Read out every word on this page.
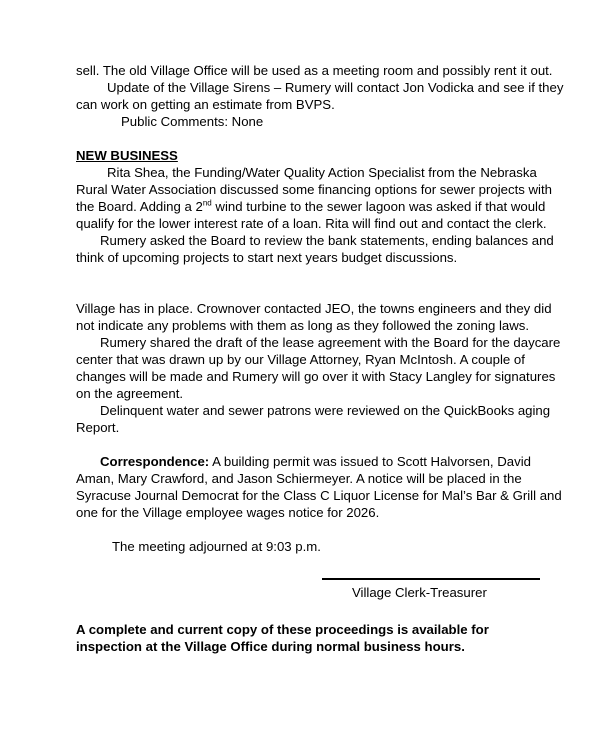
sell. The old Village Office will be used as a meeting room and possibly rent it out.

Update of the Village Sirens – Rumery will contact Jon Vodicka and see if they can work on getting an estimate from BVPS.

Public Comments: None

NEW BUSINESS

Rita Shea, the Funding/Water Quality Action Specialist from the Nebraska Rural Water Association discussed some financing options for sewer projects with the Board. Adding a 2nd wind turbine to the sewer lagoon was asked if that would qualify for the lower interest rate of a loan. Rita will find out and contact the clerk.

Rumery asked the Board to review the bank statements, ending balances and think of upcoming projects to start next years budget discussions.

Village has in place. Crownover contacted JEO, the towns engineers and they did not indicate any problems with them as long as they followed the zoning laws.

Rumery shared the draft of the lease agreement with the Board for the daycare center that was drawn up by our Village Attorney, Ryan McIntosh. A couple of changes will be made and Rumery will go over it with Stacy Langley for signatures on the agreement.

Delinquent water and sewer patrons were reviewed on the QuickBooks aging Report.

Correspondence: A building permit was issued to Scott Halvorsen, David Aman, Mary Crawford, and Jason Schiermeyer. A notice will be placed in the Syracuse Journal Democrat for the Class C Liquor License for Mal’s Bar & Grill and one for the Village employee wages notice for 2026.

The meeting adjourned at 9:03 p.m.

Village Clerk-Treasurer

A complete and current copy of these proceedings is available for inspection at the Village Office during normal business hours.
